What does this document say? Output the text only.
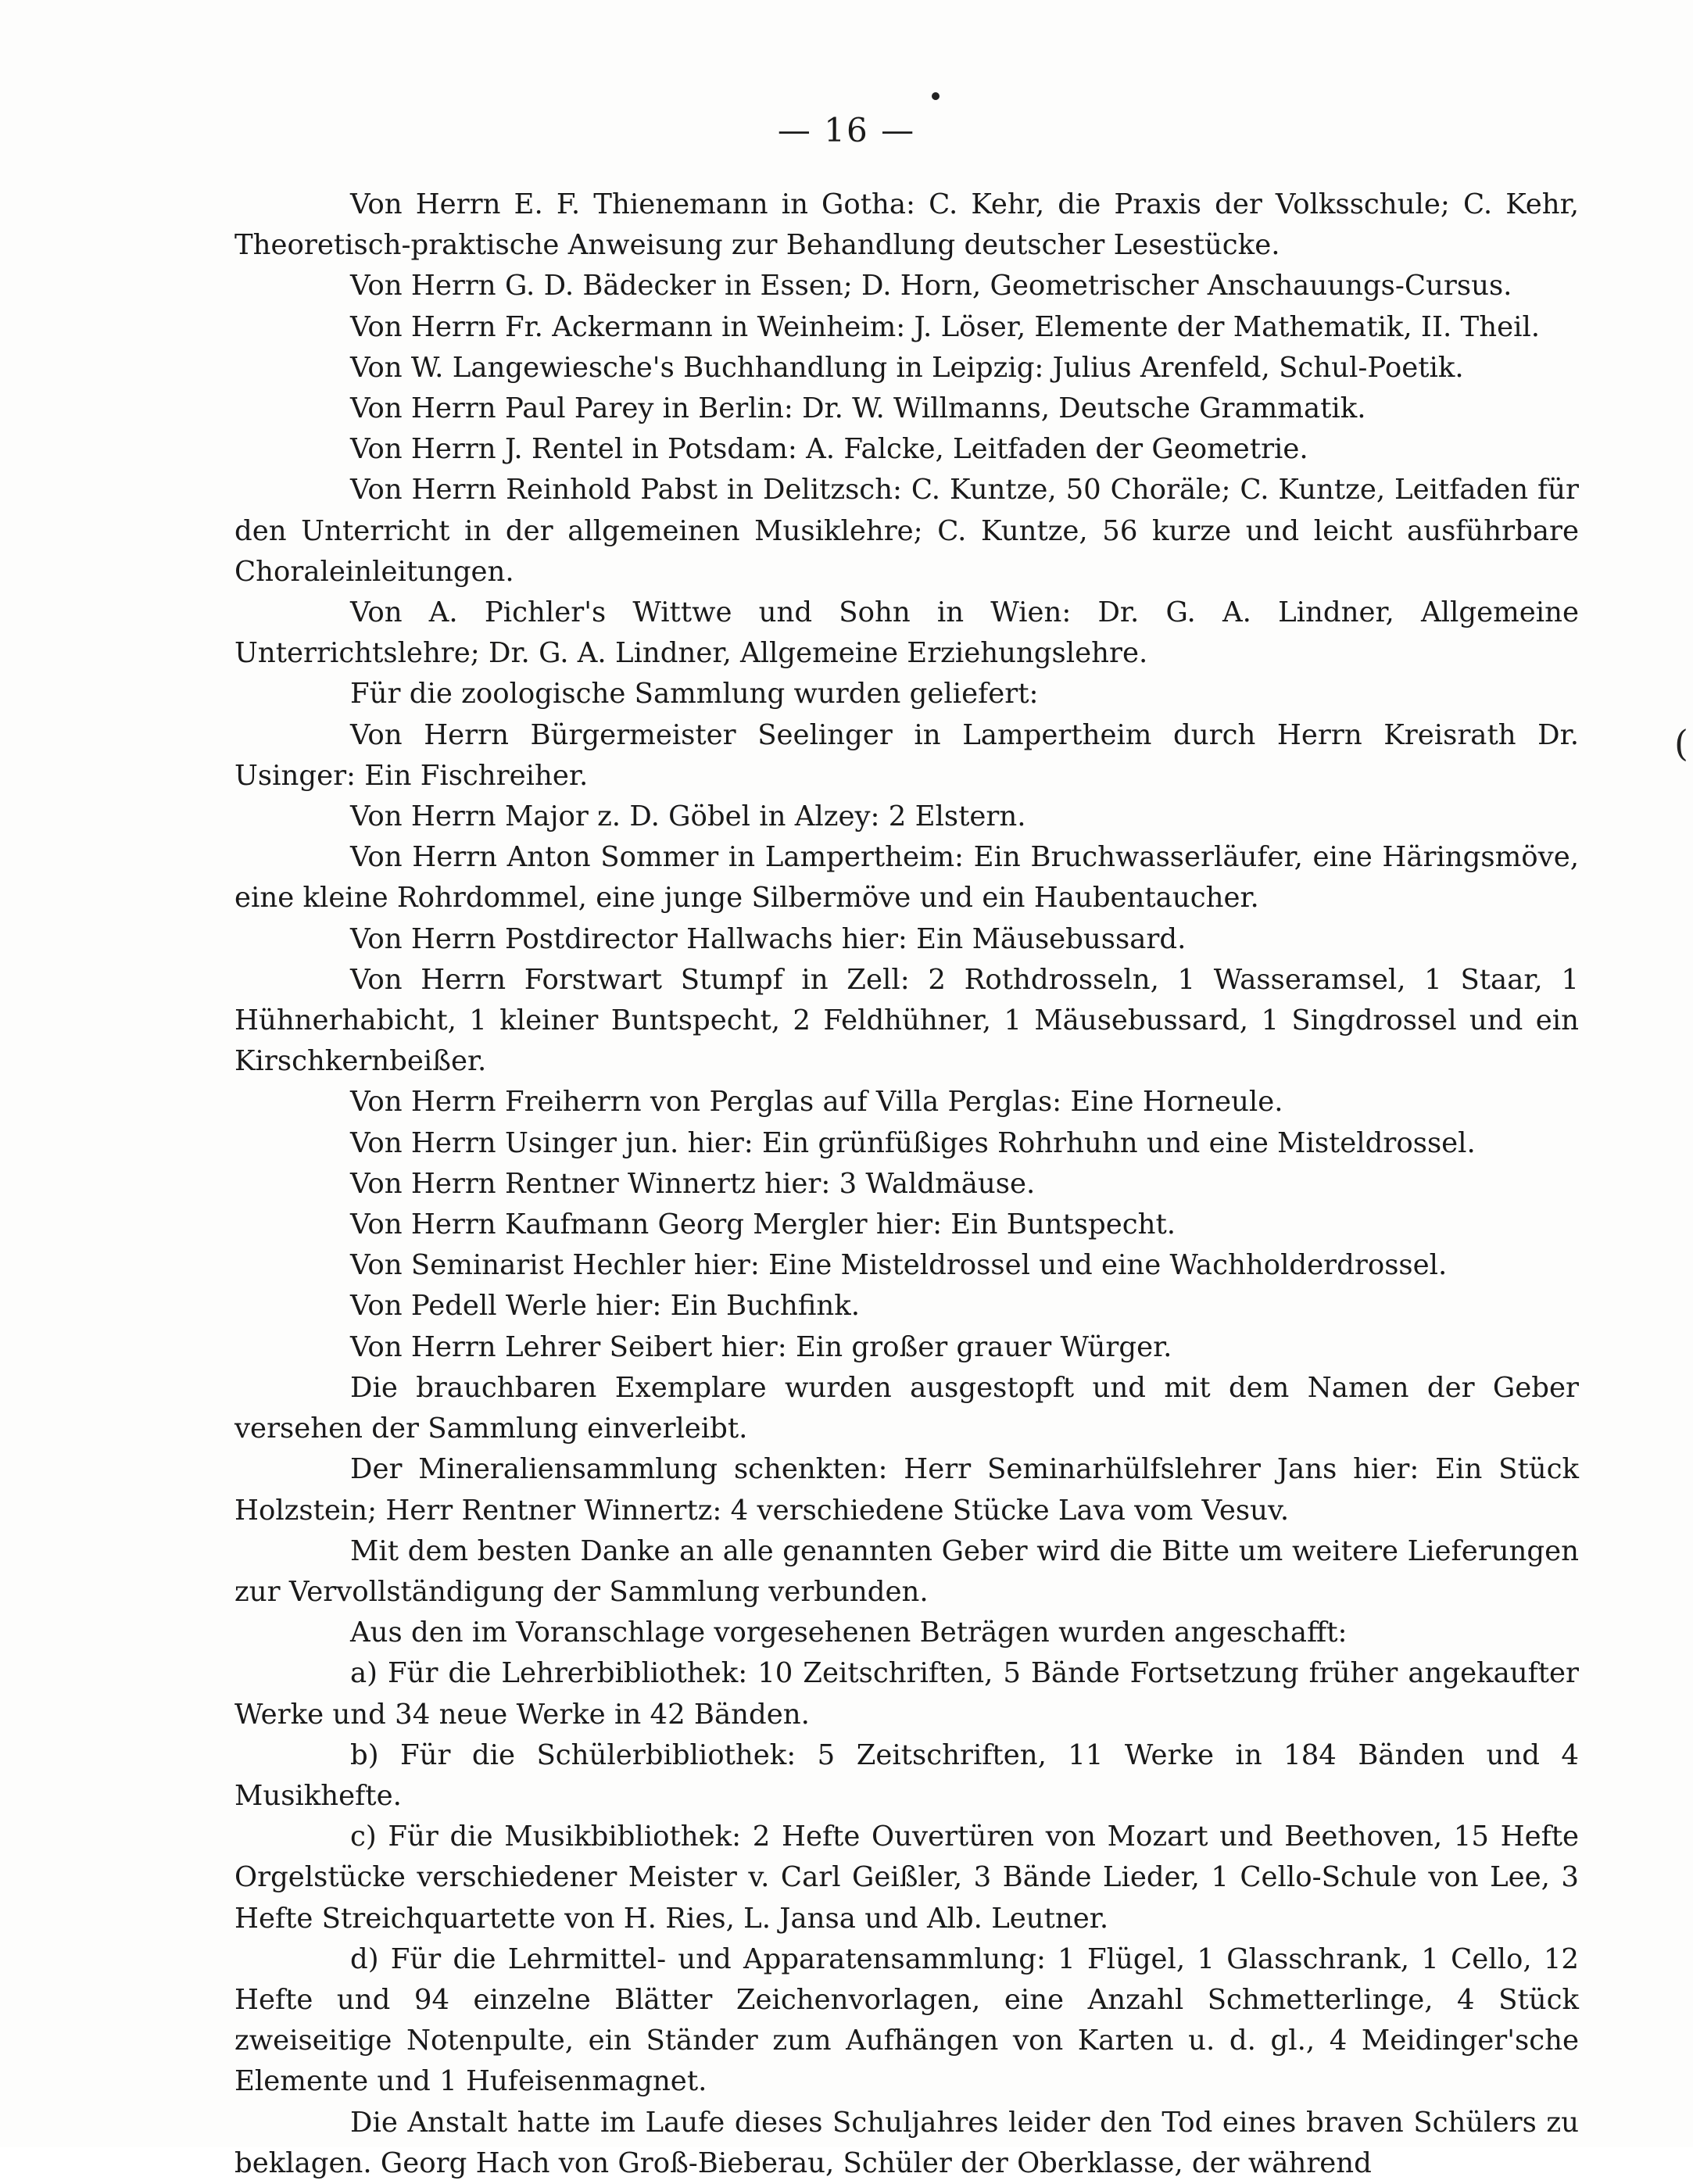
— 16 —

Von Herrn E. F. Thienemann in Gotha: C. Kehr, die Praxis der Volksschule; C. Kehr, Theoretisch-praktische Anweisung zur Behandlung deutscher Lesestücke.

Von Herrn G. D. Bädecker in Essen; D. Horn, Geometrischer Anschauungs-Cursus.

Von Herrn Fr. Ackermann in Weinheim: J. Löser, Elemente der Mathematik, II. Theil.

Von W. Langewiesche's Buchhandlung in Leipzig: Julius Arenfeld, Schul-Poetik.

Von Herrn Paul Parey in Berlin: Dr. W. Willmanns, Deutsche Grammatik.

Von Herrn J. Rentel in Potsdam: A. Falcke, Leitfaden der Geometrie.

Von Herrn Reinhold Pabst in Delitzsch: C. Kuntze, 50 Choräle; C. Kuntze, Leitfaden für den Unterricht in der allgemeinen Musiklehre; C. Kuntze, 56 kurze und leicht ausführbare Choraleinleitungen.

Von A. Pichler's Wittwe und Sohn in Wien: Dr. G. A. Lindner, Allgemeine Unterrichtslehre; Dr. G. A. Lindner, Allgemeine Erziehungslehre.

Für die zoologische Sammlung wurden geliefert:

Von Herrn Bürgermeister Seelinger in Lampertheim durch Herrn Kreisrath Dr. Usinger: Ein Fischreiher.

Von Herrn Major z. D. Göbel in Alzey: 2 Elstern.

Von Herrn Anton Sommer in Lampertheim: Ein Bruchwasserläufer, eine Häringsmöve, eine kleine Rohrdommel, eine junge Silbermöve und ein Haubentaucher.

Von Herrn Postdirector Hallwachs hier: Ein Mäusebussard.

Von Herrn Forstwart Stumpf in Zell: 2 Rothdrosseln, 1 Wasseramsel, 1 Staar, 1 Hühnerhabicht, 1 kleiner Buntspecht, 2 Feldhühner, 1 Mäusebussard, 1 Singdrossel und ein Kirschkernbeißer.

Von Herrn Freiherrn von Perglas auf Villa Perglas: Eine Horneule.

Von Herrn Usinger jun. hier: Ein grünfüßiges Rohrhuhn und eine Misteldrossel.

Von Herrn Rentner Winnertz hier: 3 Waldmäuse.

Von Herrn Kaufmann Georg Mergler hier: Ein Buntspecht.

Von Seminarist Hechler hier: Eine Misteldrossel und eine Wachholderdrossel.

Von Pedell Werle hier: Ein Buchfink.

Von Herrn Lehrer Seibert hier: Ein großer grauer Würger.

Die brauchbaren Exemplare wurden ausgestopft und mit dem Namen der Geber versehen der Sammlung einverleibt.

Der Mineraliensammlung schenkten: Herr Seminarhülfslehrer Jans hier: Ein Stück Holzstein; Herr Rentner Winnertz: 4 verschiedene Stücke Lava vom Vesuv.

Mit dem besten Danke an alle genannten Geber wird die Bitte um weitere Lieferungen zur Vervollständigung der Sammlung verbunden.

Aus den im Voranschlage vorgesehenen Beträgen wurden angeschafft:

a) Für die Lehrerbibliothek: 10 Zeitschriften, 5 Bände Fortsetzung früher angekaufter Werke und 34 neue Werke in 42 Bänden.

b) Für die Schülerbibliothek: 5 Zeitschriften, 11 Werke in 184 Bänden und 4 Musikhefte.

c) Für die Musikbibliothek: 2 Hefte Ouvertüren von Mozart und Beethoven, 15 Hefte Orgelstücke verschiedener Meister v. Carl Geißler, 3 Bände Lieder, 1 Cello-Schule von Lee, 3 Hefte Streichquartette von H. Ries, L. Jansa und Alb. Leutner.

d) Für die Lehrmittel- und Apparatensammlung: 1 Flügel, 1 Glasschrank, 1 Cello, 12 Hefte und 94 einzelne Blätter Zeichenvorlagen, eine Anzahl Schmetterlinge, 4 Stück zweiseitige Notenpulte, ein Ständer zum Aufhängen von Karten u. d. gl., 4 Meidinger'sche Elemente und 1 Hufeisenmagnet.

Die Anstalt hatte im Laufe dieses Schuljahres leider den Tod eines braven Schülers zu beklagen. Georg Hach von Groß-Bieberau, Schüler der Oberklasse, der während

(
